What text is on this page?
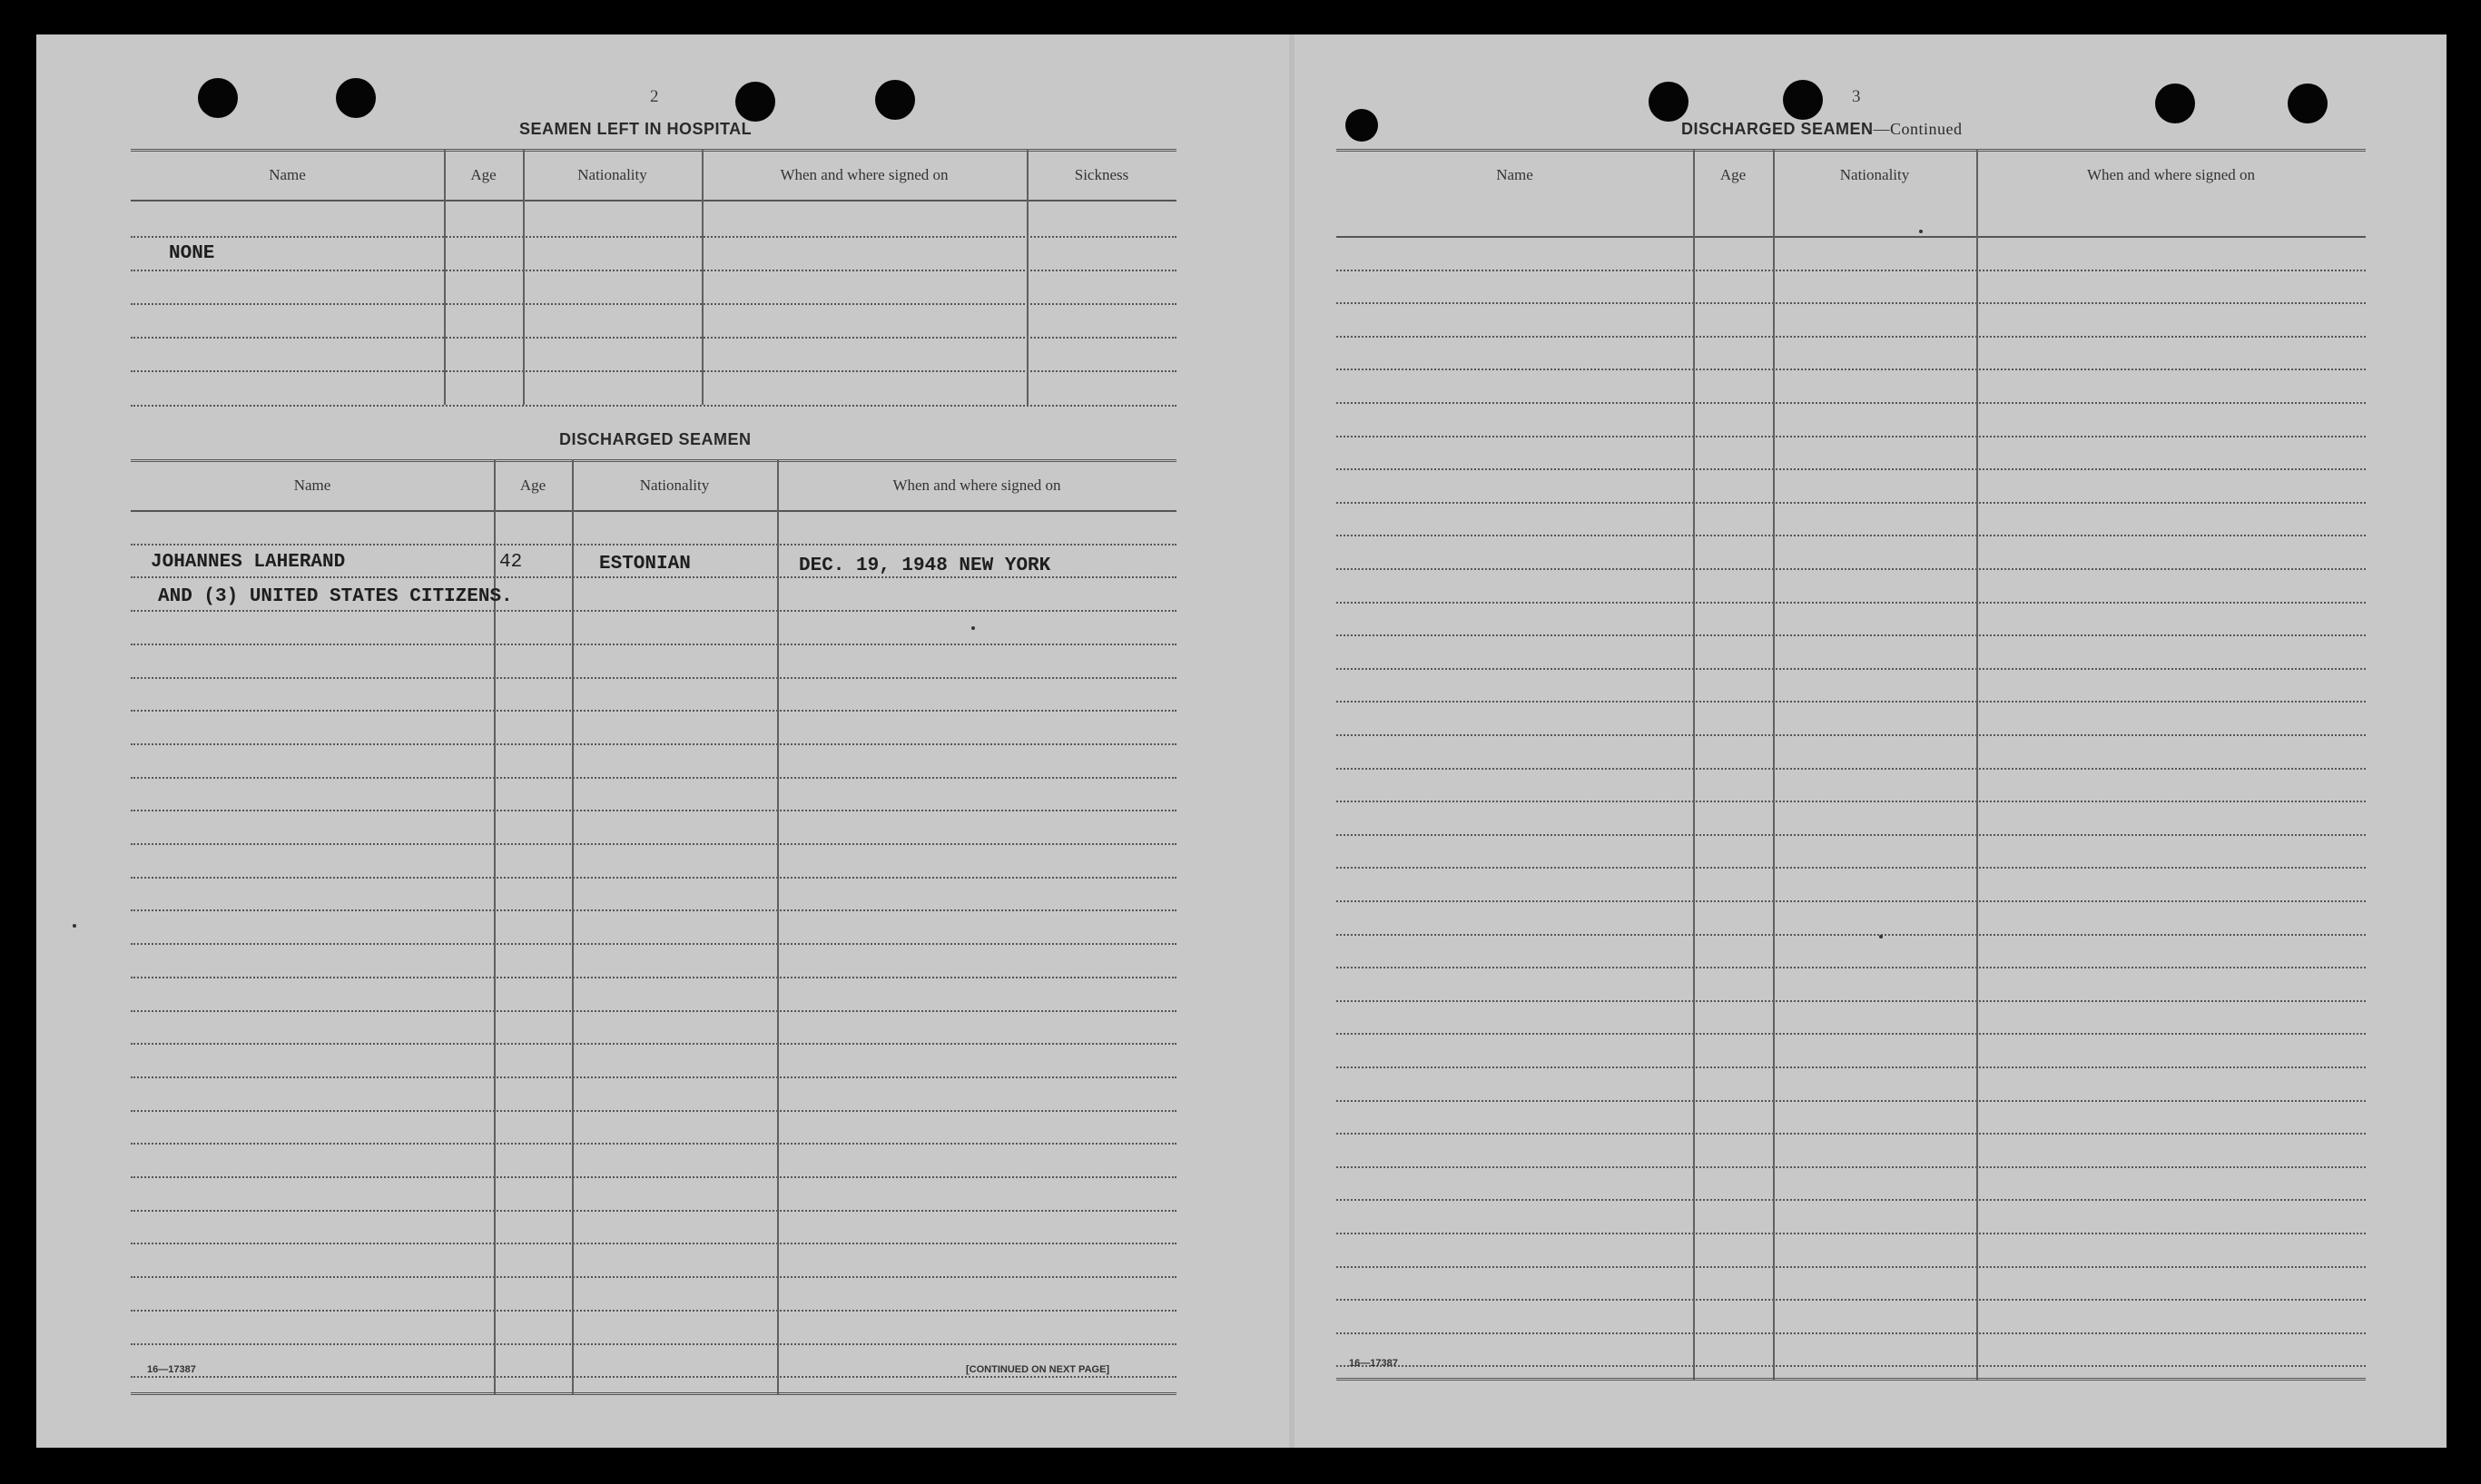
2
SEAMEN LEFT IN HOSPITAL
Name	Age	Nationality	When and where signed on	Sickness
NONE
DISCHARGED SEAMEN
Name	Age	Nationality	When and where signed on
JOHANNES LAHERAND	42	ESTONIAN	DEC. 19, 1948 NEW YORK
AND (3) UNITED STATES CITIZENS.
16—17387	[CONTINUED ON NEXT PAGE]
3
DISCHARGED SEAMEN—Continued
Name	Age	Nationality	When and where signed on
16—17387
